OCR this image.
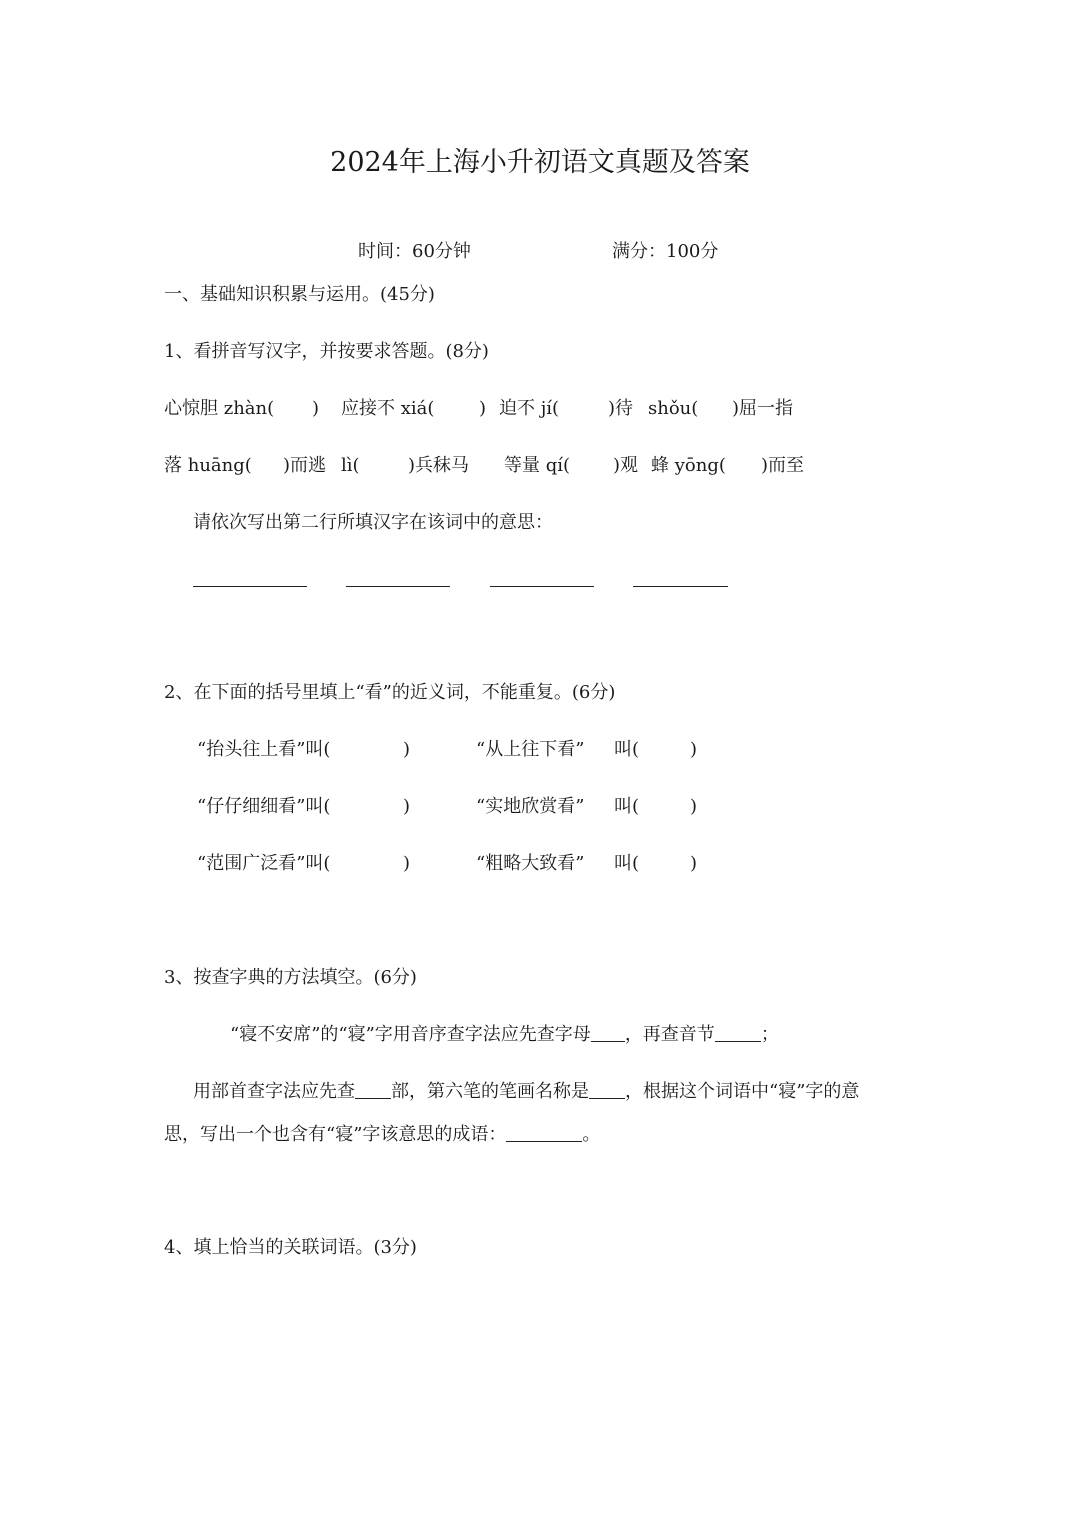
2024年上海小升初语文真题及答案
时间：60分钟	满分：100分
一、基础知识积累与运用。(45分)
1、看拼音写汉字，并按要求答题。(8分)
心惊胆 zhàn( ) 应接不 xiá( ) 迫不 jí(	)待 shǒu( )屈一指
落 huāng( )而逃 lì(	)兵秣马 等量 qí( )观 蜂 yōng( )而至
请依次写出第二行所填汉字在该词中的意思：
2、在下面的括号里填上“看”的近义词，不能重复。(6分)
“抬头往上看”叫(	)	“从上往下看” 叫(	)
“仔仔细细看”叫(	)	“实地欣赏看” 叫(	)
“范围广泛看”叫(	)	“粗略大致看” 叫(	)
3、按查字典的方法填空。(6分)
“寝不安席”的“寝”字用音序查字法应先查字母 ，再查音节	；
用部首查字法应先查 部，第六笔的笔画名称是 ，根据这个词语中“寝”字的意
思，写出一个也含有“寝”字该意思的成语：	。
4、填上恰当的关联词语。(3分)
